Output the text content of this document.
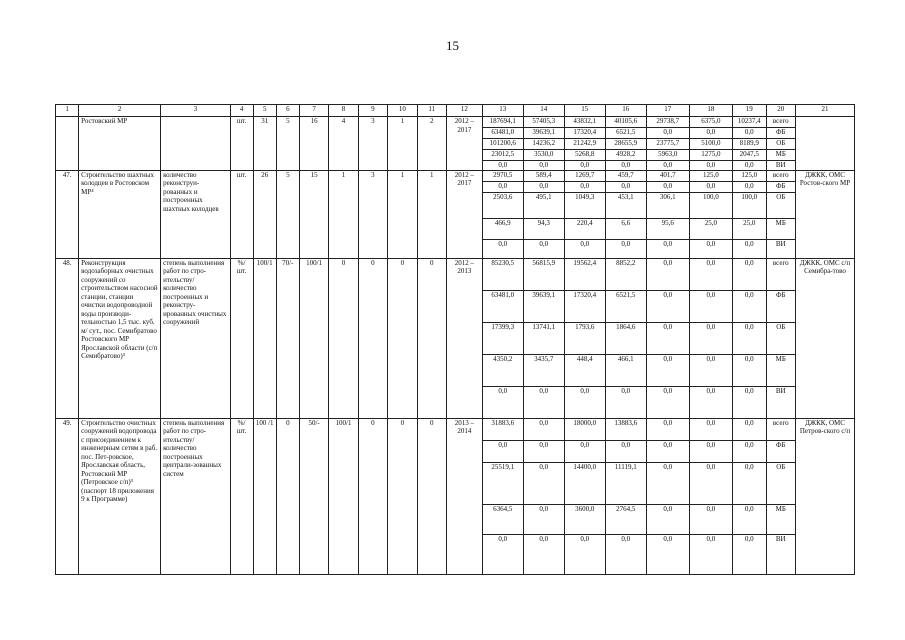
15
1	2	3	4	5	6	7	8	9	10	11	12	13	14	15	16	17	18	19	20	21
	Ростовский МР		шт.	31	5	16	4	3	1	2	2012 – 2017	187694,1	57405,3	43832,1	40105,6	29738,7	6375,0	10237,4	всего	
												63481,0	39639,1	17320,4	6521,5	0,0	0,0	0,0	ФБ	
												101200,6	14236,2	21242,9	28655,9	23775,7	5100,0	8189,9	ОБ	
												23012,5	3530,0	5268,8	4928,2	5963,0	1275,0	2047,5	МБ	
												0,0	0,0	0,0	0,0	0,0	0,0	0,0	ВИ	
47.	Строительство шахтных колодцев в Ростовском МР⁴	количество реконструи-рованных и построенных шахтных колодцев	шт.	26	5	15	1	3	1	1	2012 – 2017	2970,5	589,4	1269,7	459,7	401,7	125,0	125,0	всего	ДЖКК, ОМС Ростов-ского МР
												0,0	0,0	0,0	0,0	0,0	0,0	0,0	ФБ	
												2503,6	495,1	1049,3	453,1	306,1	100,0	100,0	ОБ	
												466,9	94,3	220,4	6,6	95,6	25,0	25,0	МБ	
												0,0	0,0	0,0	0,0	0,0	0,0	0,0	ВИ	
48.	Реконструкция водозаборных очистных сооружений со строительством насосной станции, станции очистки водопроводной воды производи-тельностью 1,5 тыс. куб. м/ сут., пос. Семибратово Ростовского МР Ярославской области (с/п Семибратово)³	степень выполнения работ по стро-ительству/ количество построенных и реконстру-ированных очистных сооружений	%/ шт.	100/1	70/-	100/1	0	0	0	0	2012 – 2013	85230,5	56815,9	19562,4	8852,2	0,0	0,0	0,0	всего	ДЖКК, ОМС с/п Семибра-тово
												63481,0	39639,1	17320,4	6521,5	0,0	0,0	0,0	ФБ	
												17399,3	13741,1	1793,6	1864,6	0,0	0,0	0,0	ОБ	
												4350,2	3435,7	448,4	466,1	0,0	0,0	0,0	МБ	
												0,0	0,0	0,0	0,0	0,0	0,0	0,0	ВИ	
49.	Строительство очистных сооружений водопровода с присоединением к инженерным сетям в раб. пос. Пет-ровское, Ярославская область, Ростовский МР (Петровское с/п)³ (паспорт 18 приложения 9 к Программе)	степень выполнения работ по стро-ительству/ количество построенных централи-зованных систем	%/ шт.	100 /1	0	50/-	100/1	0	0	0	2013 – 2014	31883,6	0,0	18000,0	13883,6	0,0	0,0	0,0	всего	ДЖКК, ОМС Петров-ского с/п
												0,0	0,0	0,0	0,0	0,0	0,0	0,0	ФБ	
												25519,1	0,0	14400,0	11119,1	0,0	0,0	0,0	ОБ	
												6364,5	0,0	3600,0	2764,5	0,0	0,0	0,0	МБ	
												0,0	0,0	0,0	0,0	0,0	0,0	0,0	ВИ	
